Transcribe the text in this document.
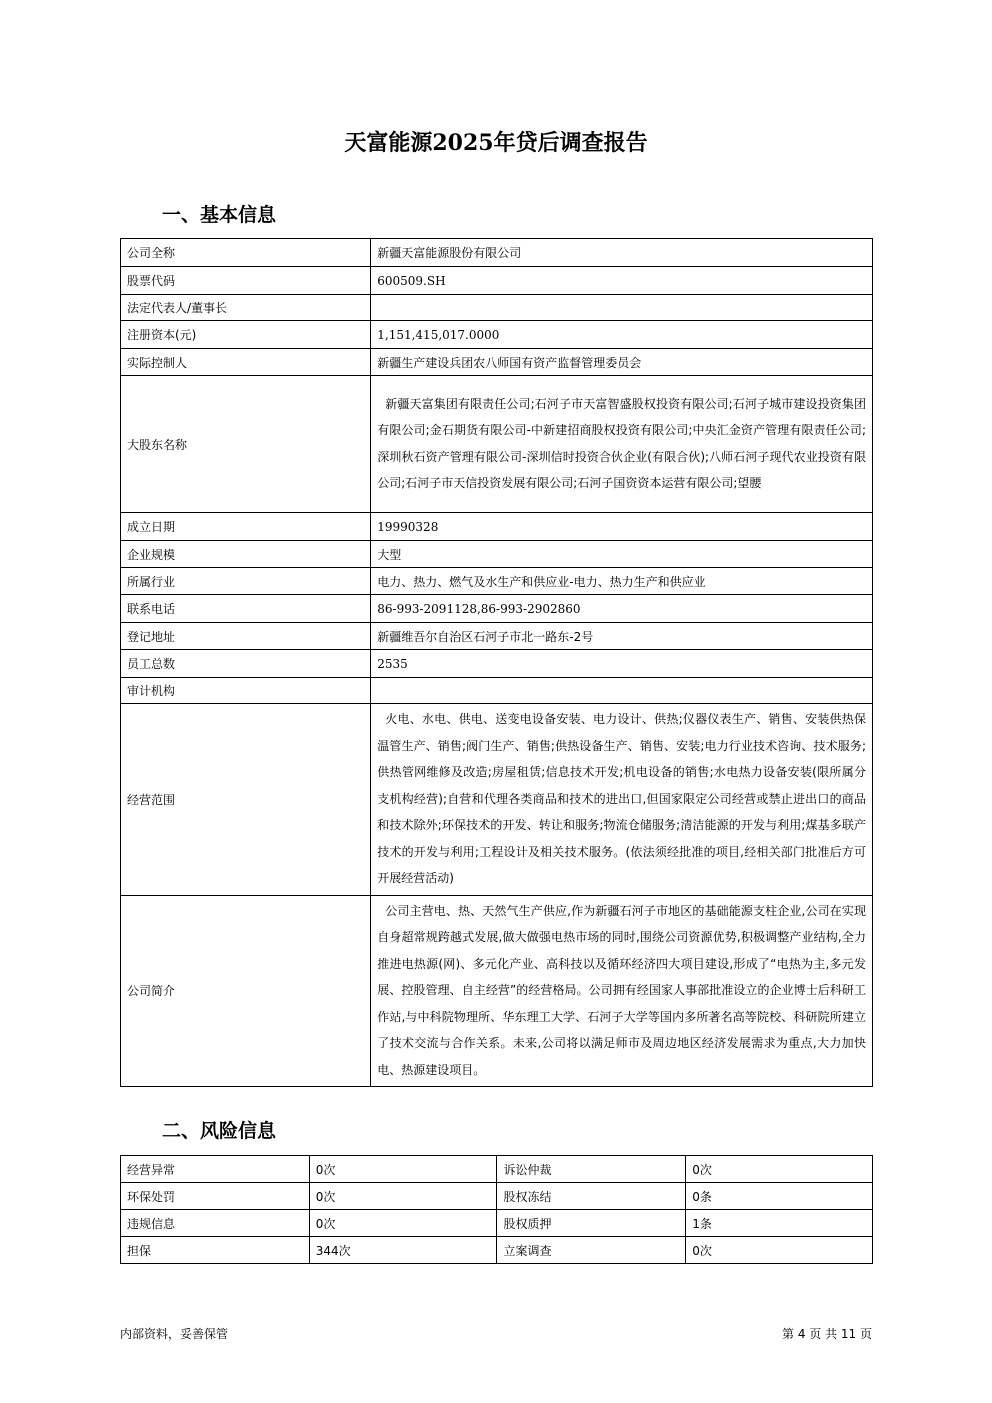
天富能源2025年贷后调查报告
一、基本信息
公司全称	新疆天富能源股份有限公司
股票代码	600509.SH
法定代表人/董事长	
注册资本(元)	1,151,415,017.0000
实际控制人	新疆生产建设兵团农八师国有资产监督管理委员会
大股东名称	新疆天富集团有限责任公司;石河子市天富智盛股权投资有限公司;石河子城市建设投资集团有限公司;金石期货有限公司-中新建招商股权投资有限公司;中央汇金资产管理有限责任公司;深圳秋石资产管理有限公司-深圳信时投资合伙企业(有限合伙);八师石河子现代农业投资有限公司;石河子市天信投资发展有限公司;石河子国资资本运营有限公司;望腰

成立日期	19990328
企业规模	大型
所属行业	电力、热力、燃气及水生产和供应业-电力、热力生产和供应业
联系电话	86-993-2091128,86-993-2902860
登记地址	新疆维吾尔自治区石河子市北一路东-2号
员工总数	2535
审计机构	
经营范围	火电、水电、供电、送变电设备安装、电力设计、供热;仪器仪表生产、销售、安装供热保温管生产、销售;阀门生产、销售;供热设备生产、销售、安装;电力行业技术咨询、技术服务;供热管网维修及改造;房屋租赁;信息技术开发;机电设备的销售;水电热力设备安装(限所属分支机构经营);自营和代理各类商品和技术的进出口,但国家限定公司经营或禁止进出口的商品和技术除外;环保技术的开发、转让和服务;物流仓储服务;清洁能源的开发与利用;煤基多联产技术的开发与利用;工程设计及相关技术服务。(依法须经批准的项目,经相关部门批准后方可开展经营活动)

公司简介	公司主营电、热、天然气生产供应,作为新疆石河子市地区的基础能源支柱企业,公司在实现自身超常规跨越式发展,做大做强电热市场的同时,围绕公司资源优势,积极调整产业结构,全力推进电热源(网)、多元化产业、高科技以及循环经济四大项目建设,形成了“电热为主,多元发展、控股管理、自主经营”的经营格局。公司拥有经国家人事部批准设立的企业博士后科研工作站,与中科院物理所、华东理工大学、石河子大学等国内多所著名高等院校、科研院所建立了技术交流与合作关系。未来,公司将以满足师市及周边地区经济发展需求为重点,大力加快电、热源建设项目。
二、风险信息
经营异常	0次	诉讼仲裁	0次
环保处罚	0次	股权冻结	0条
违规信息	0次	股权质押	1条
担保	344次	立案调查	0次
内部资料，妥善保管	第 4 页 共 11 页
